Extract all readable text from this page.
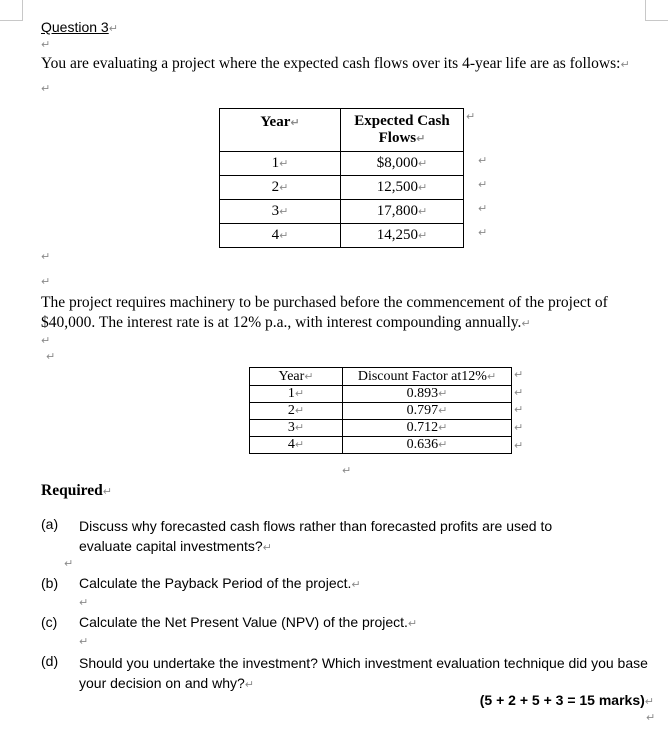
Question 3↵
↵
You are evaluating a project where the expected cash flows over its 4-year life are as follows:↵
↵
Year↵	Expected Cash Flows↵
1↵	$8,000↵
2↵	12,500↵
3↵	17,800↵
4↵	14,250↵
↵
↵
↵
↵
↵
↵
↵
The project requires machinery to be purchased before the commencement of the project of $40,000. The interest rate is at 12% p.a., with interest compounding annually.↵
↵
↵
Year↵	Discount Factor at12%↵
1↵	0.893↵
2↵	0.797↵
3↵	0.712↵
4↵	0.636↵
↵
↵
↵
↵
↵
↵
Required↵
(a) Discuss why forecasted cash flows rather than forecasted profits are used to evaluate capital investments?↵
↵
(b) Calculate the Payback Period of the project.↵
↵
(c) Calculate the Net Present Value (NPV) of the project.↵
↵
(d) Should you undertake the investment? Which investment evaluation technique did you base your decision on and why?↵
(5 + 2 + 5 + 3 = 15 marks)↵
↵
